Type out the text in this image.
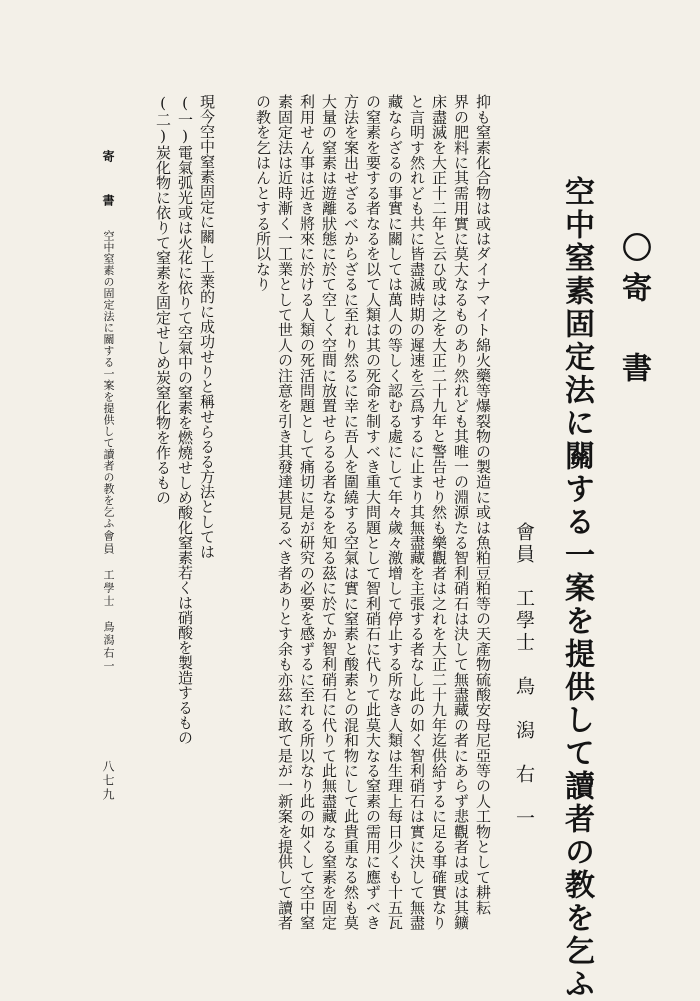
〇寄　書
空中窒素固定法に關する一案を提供して讀者の教を乞ふ
會員　工學士　鳥　潟　右　一
抑も窒素化合物は或はダイナマイト綿火藥等爆裂物の製造に或は魚粕豆粕等の天產物硫酸安母尼亞等の人工物として耕耘
界の肥料に其需用實に莫大なるものあり然れども其唯一の淵源たる智利硝石は決して無盡藏の者にあらず悲觀者は或は其鑛
床盡滅を大正十二年と云ひ或は之を大正二十九年と警告せり然も樂觀者は之れを大正二十九年迄供給するに足る事確實なり
と言明す然れども共に皆盡滅時期の遲速を云爲するに止まり其無盡藏を主張する者なし此の如く智利硝石は實に決して無盡
藏ならざるの事實に關しては萬人の等しく認むる處にして年々歲々激增して停止する所なき人類は生理上每日少くも十五瓦
の窒素を要する者なるを以て人類は其の死命を制すべき重大問題として智利硝石に代りて此莫大なる窒素の需用に應ずべき
方法を案出せざるべからざるに至れり然るに幸に吾人を圍繞する空氣は實に窒素と酸素との混和物にして此貴重なる然も莫
大量の窒素は遊離狀態に於て空しく空間に放置せらるる者なるを知る茲に於てか智利硝石に代りて此無盡藏なる窒素を固定
利用せん事は近き將來に於ける人類の死活問題として痛切に是が研究の必要を感ずるに至れる所以なり此の如くして空中窒
素固定法は近時漸く一工業として世人の注意を引き其發達甚見るべき者ありとす余も亦茲に敢て是が一新案を提供して讀者
の教を乞はんとする所以なり
現今空中窒素固定に關し工業的に成功せりと稱せらるる方法としては
(一)電氣弧光或は火花に依りて空氣中の窒素を燃燒せしめ酸化窒素若くは硝酸を製造するもの
(二)炭化物に依りて窒素を固定せしめ炭窒化物を作るもの
寄　書
空中窒素の固定法に關する一案を提供して讀者の教を乞ふ
會員　工學士　鳥潟右一
八七九
